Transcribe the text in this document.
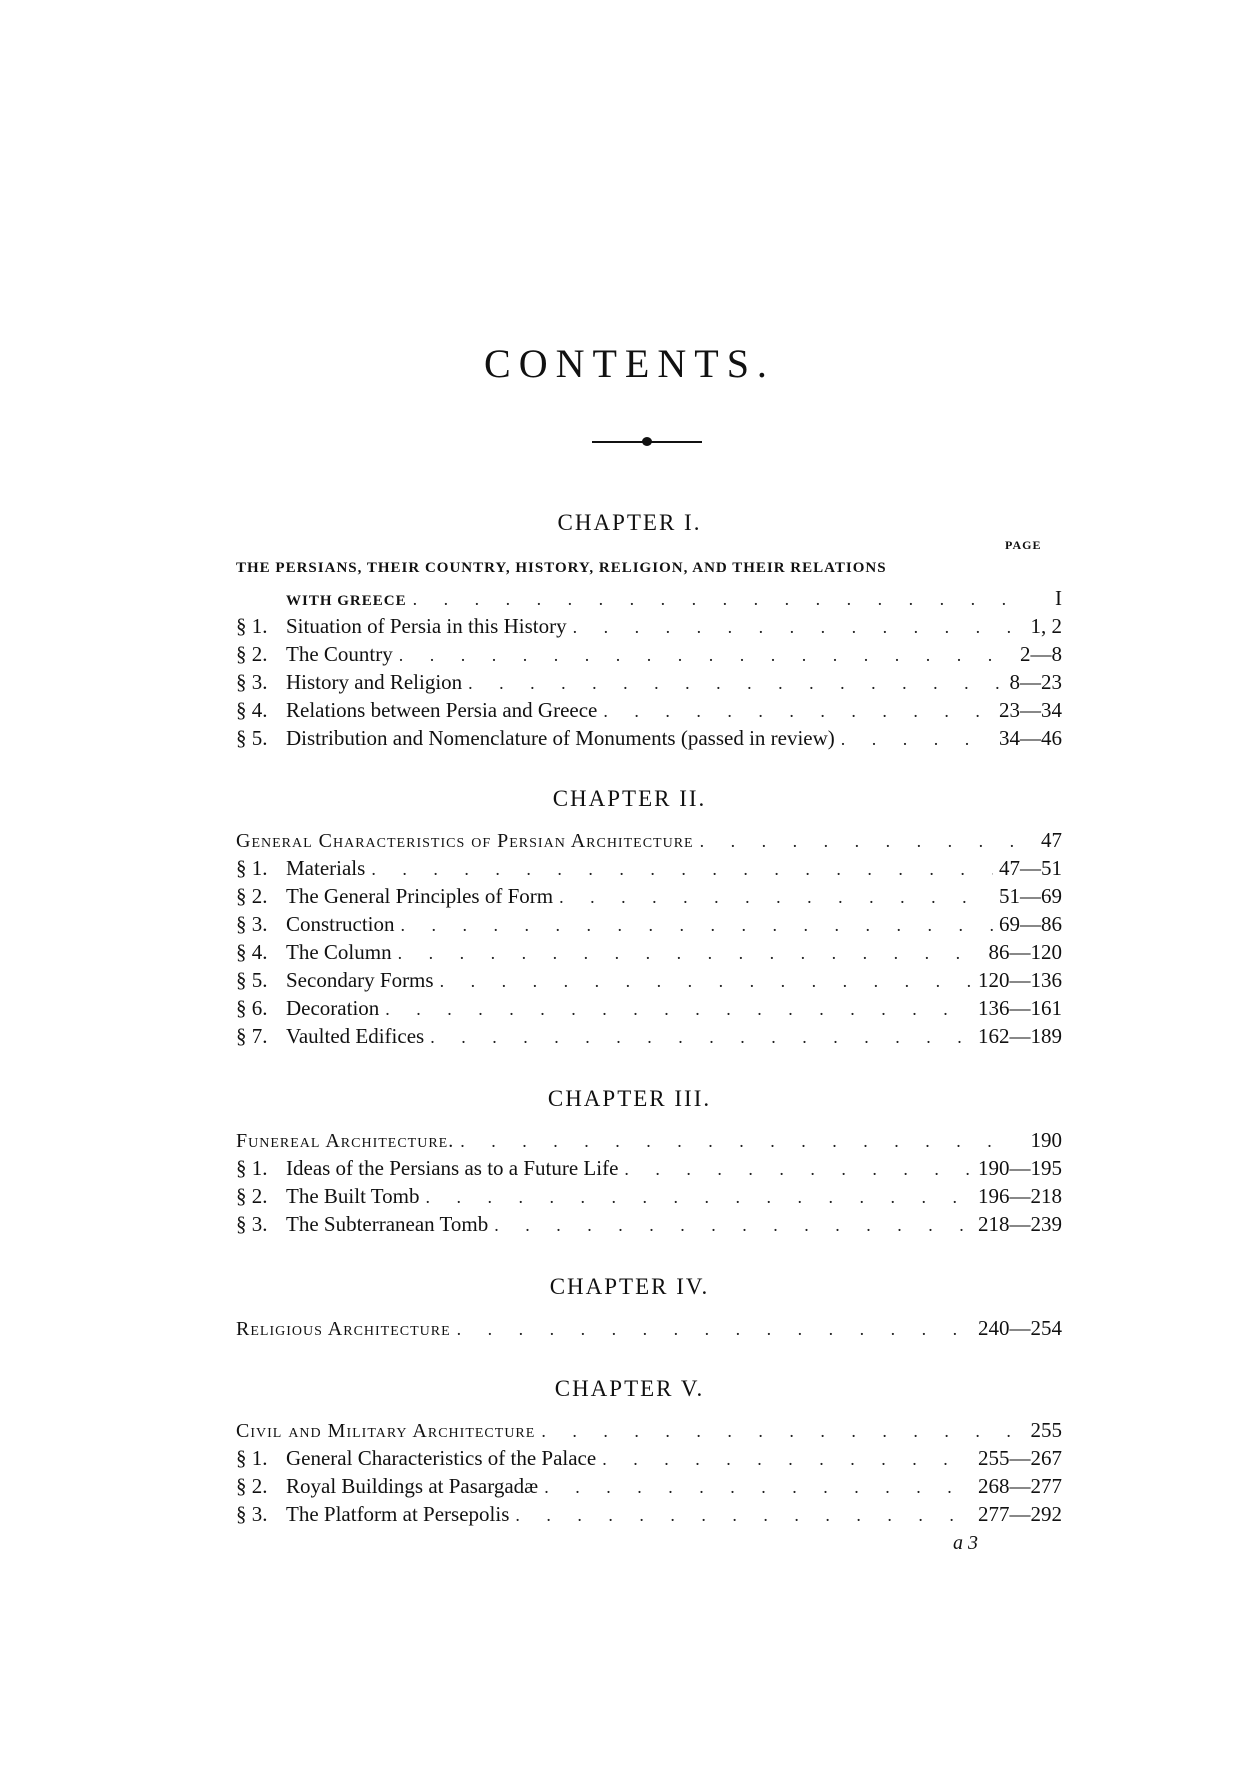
CONTENTS.
CHAPTER I.
PAGE
THE PERSIANS, THEIR COUNTRY, HISTORY, RELIGION, AND THEIR RELATIONS
WITH GREECE . . .	I
§ 1. Situation of Persia in this History . . .	1, 2
§ 2. The Country . . .	2—8
§ 3. History and Religion . . .	8—23
§ 4. Relations between Persia and Greece . . .	23—34
§ 5. Distribution and Nomenclature of Monuments (passed in review) . . .	34—46
CHAPTER II.
General Characteristics of Persian Architecture . . .	47
§ 1. Materials . . .	47—51
§ 2. The General Principles of Form . . .	51—69
§ 3. Construction . . .	69—86
§ 4. The Column . . .	86—120
§ 5. Secondary Forms . . .	120—136
§ 6. Decoration . . .	136—161
§ 7. Vaulted Edifices . . .	162—189
CHAPTER III.
Funereal Architecture. . . .	190
§ 1. Ideas of the Persians as to a Future Life . . .	190—195
§ 2. The Built Tomb . . .	196—218
§ 3. The Subterranean Tomb . . .	218—239
CHAPTER IV.
Religious Architecture . . .	240—254
CHAPTER V.
Civil and Military Architecture . . .	255
§ 1. General Characteristics of the Palace . . .	255—267
§ 2. Royal Buildings at Pasargadæ . . .	268—277
§ 3. The Platform at Persepolis . . .	277—292
a 3
